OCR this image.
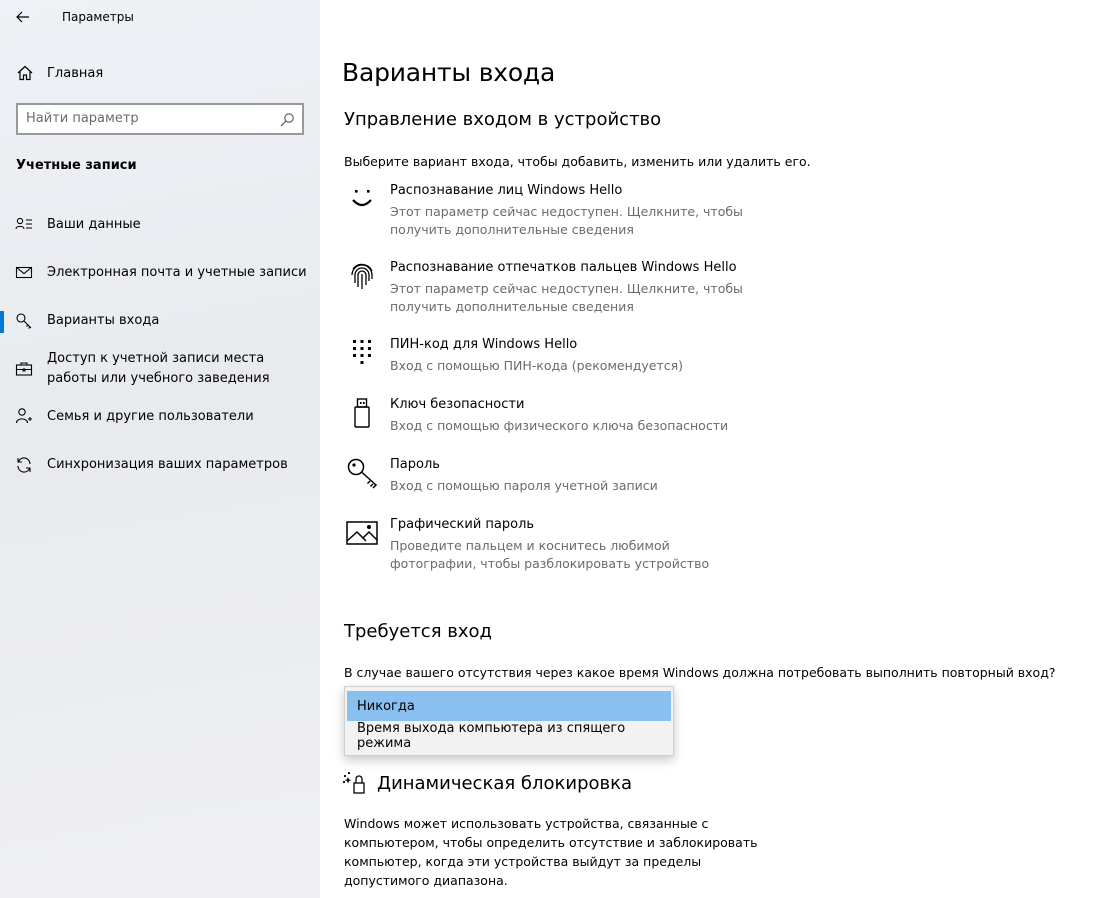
Параметры
Главная
Найти параметр
Учетные записи
Ваши данные
Электронная почта и учетные записи
Варианты входа
Доступ к учетной записи места работы или учебного заведения
Семья и другие пользователи
Синхронизация ваших параметров
Варианты входа
Управление входом в устройство
Выберите вариант входа, чтобы добавить, изменить или удалить его.
Распознавание лиц Windows Hello
Этот параметр сейчас недоступен. Щелкните, чтобы получить дополнительные сведения
Распознавание отпечатков пальцев Windows Hello
Этот параметр сейчас недоступен. Щелкните, чтобы получить дополнительные сведения
ПИН-код для Windows Hello
Вход с помощью ПИН-кода (рекомендуется)
Ключ безопасности
Вход с помощью физического ключа безопасности
Пароль
Вход с помощью пароля учетной записи
Графический пароль
Проведите пальцем и коснитесь любимой фотографии, чтобы разблокировать устройство
Требуется вход
В случае вашего отсутствия через какое время Windows должна потребовать выполнить повторный вход?
Никогда
Время выхода компьютера из спящего режима
Динамическая блокировка
Windows может использовать устройства, связанные с компьютером, чтобы определить отсутствие и заблокировать компьютер, когда эти устройства выйдут за пределы допустимого диапазона.
